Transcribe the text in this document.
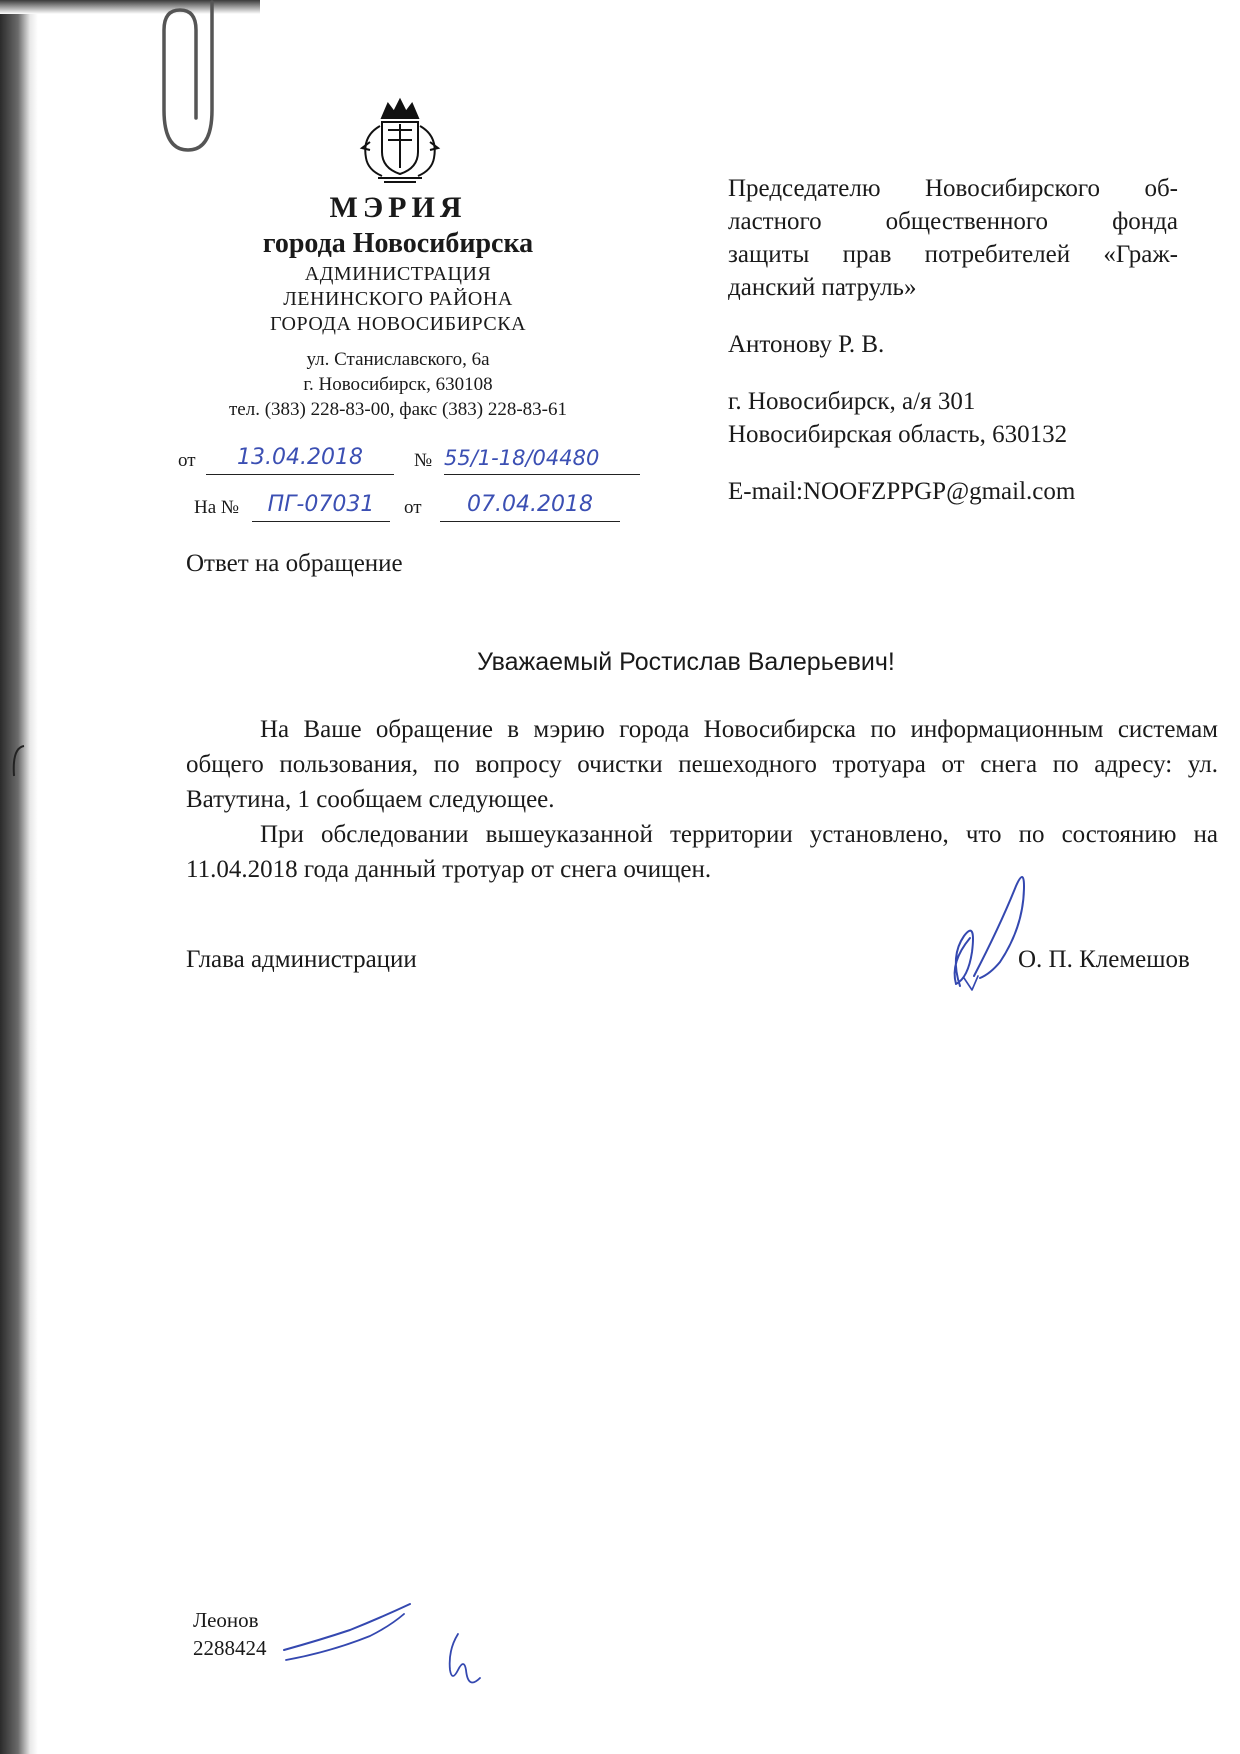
МЭРИЯ
города Новосибирска
АДМИНИСТРАЦИЯ
ЛЕНИНСКОГО РАЙОНА
ГОРОДА НОВОСИБИРСКА
ул. Станиславского, 6а
г. Новосибирск, 630108
тел. (383) 228-83-00, факс (383) 228-83-61
от	13.04.2018	№ 55/1-18/04480
На №	ПГ-07031	от	07.04.2018
Председателю Новосибирского об-
ластного общественного фонда
защиты прав потребителей «Граж-
данский патруль»
Антонову Р. В.
г. Новосибирск, а/я 301
Новосибирская область, 630132
E-mail:NOOFZPPGP@gmail.com
Ответ на обращение
Уважаемый Ростислав Валерьевич!

На Ваше обращение в мэрию города Новосибирска по информационным системам общего пользования, по вопросу очистки пешеходного тротуара от снега по адресу: ул. Ватутина, 1 сообщаем следующее.

При обследовании вышеуказанной территории установлено, что по состоянию на 11.04.2018 года данный тротуар от снега очищен.

Глава администрации	О. П. Клемешов
Леонов
2288424
